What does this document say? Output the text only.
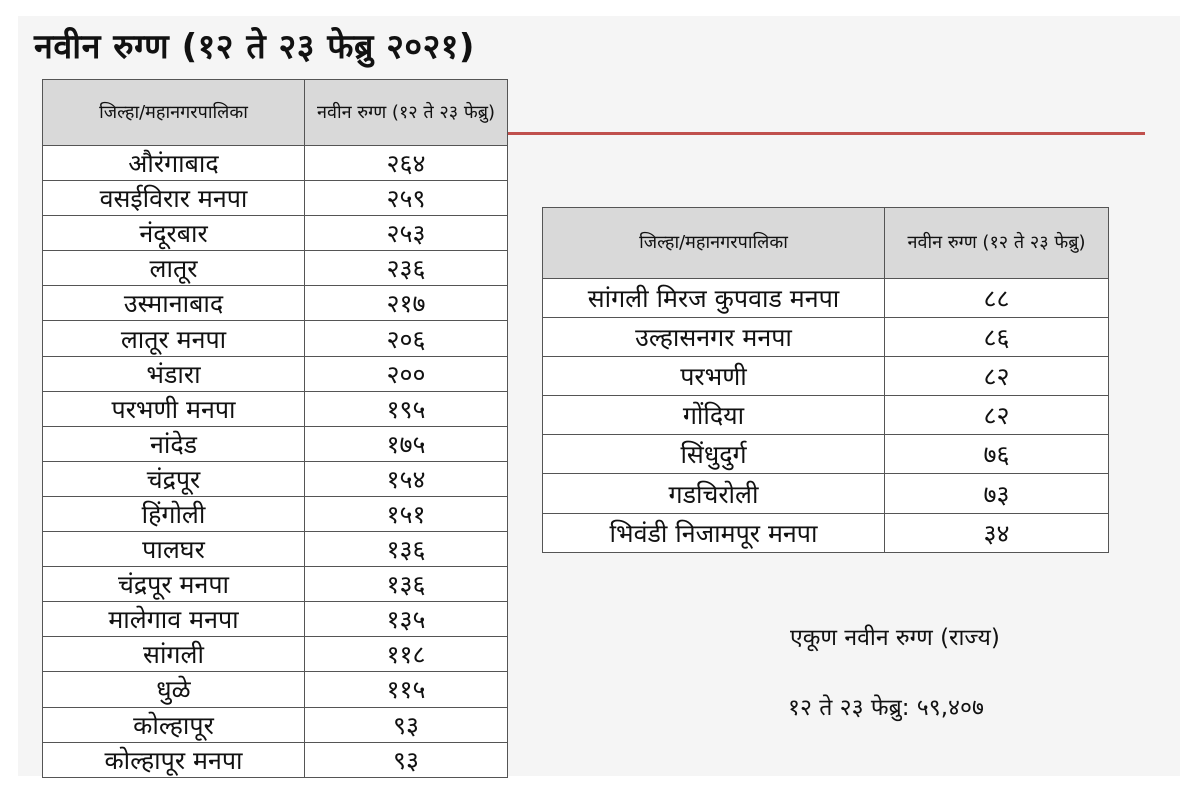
नवीन रुग्ण (१२ ते २३ फेब्रु २०२१)
जिल्हा/महानगरपालिका	नवीन रुग्ण (१२ ते २३ फेब्रु)
औरंगाबाद	२६४
वसईविरार मनपा	२५९
नंदूरबार	२५३
लातूर	२३६
उस्मानाबाद	२१७
लातूर मनपा	२०६
भंडारा	२००
परभणी मनपा	१९५
नांदेड	१७५
चंद्रपूर	१५४
हिंगोली	१५१
पालघर	१३६
चंद्रपूर मनपा	१३६
मालेगाव मनपा	१३५
सांगली	११८
धुळे	११५
कोल्हापूर	९३
कोल्हापूर मनपा	९३
जिल्हा/महानगरपालिका	नवीन रुग्ण (१२ ते २३ फेब्रु)
सांगली मिरज कुपवाड मनपा	८८
उल्हासनगर मनपा	८६
परभणी	८२
गोंदिया	८२
सिंधुदुर्ग	७६
गडचिरोली	७३
भिवंडी निजामपूर मनपा	३४
एकूण नवीन रुग्ण (राज्य)
१२ ते २३ फेब्रु: ५९,४०७
